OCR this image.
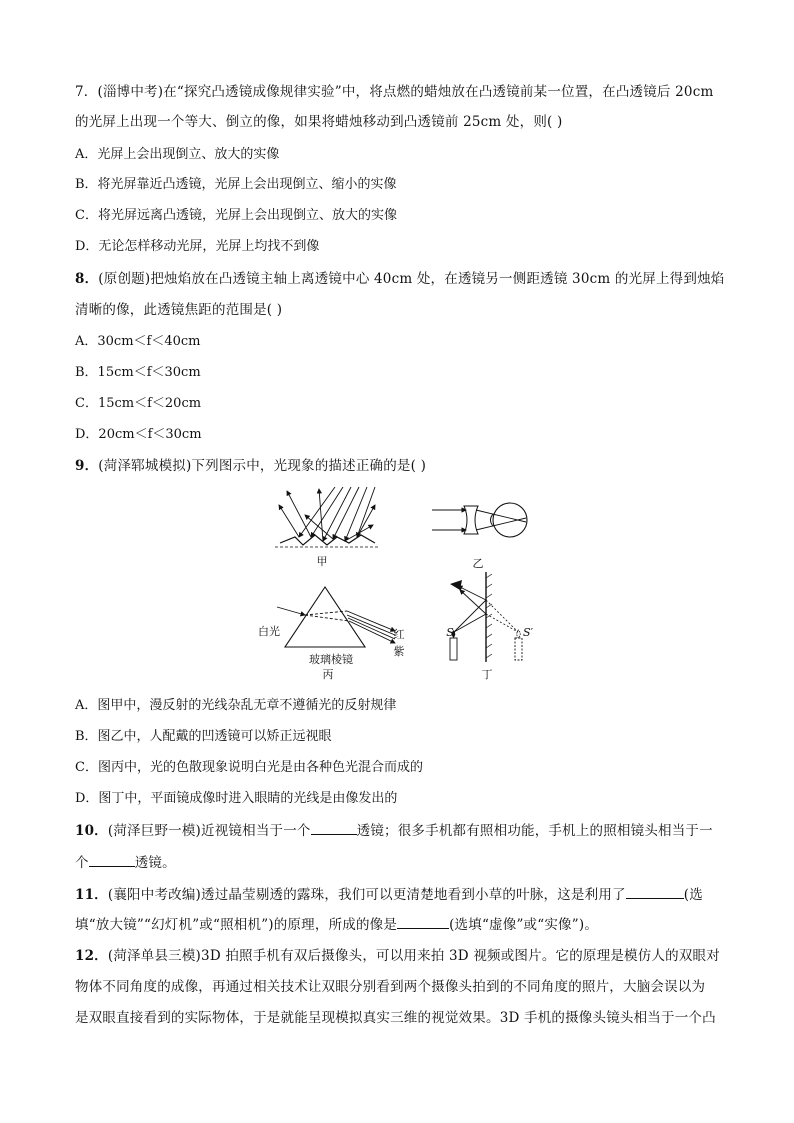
7．(淄博中考)在“探究凸透镜成像规律实验”中，将点燃的蜡烛放在凸透镜前某一位置，在凸透镜后 20cm
的光屏上出现一个等大、倒立的像，如果将蜡烛移动到凸透镜前 25cm 处，则( )
A．光屏上会出现倒立、放大的实像
B．将光屏靠近凸透镜，光屏上会出现倒立、缩小的实像
C．将光屏远离凸透镜，光屏上会出现倒立、放大的实像
D．无论怎样移动光屏，光屏上均找不到像
8．(原创题)把烛焰放在凸透镜主轴上离透镜中心 40cm 处，在透镜另一侧距透镜 30cm 的光屏上得到烛焰
清晰的像，此透镜焦距的范围是( )
A．30cm＜f＜40cm
B．15cm＜f＜30cm
C．15cm＜f＜20cm
D．20cm＜f＜30cm
9．(菏泽郓城模拟)下列图示中，光现象的描述正确的是( )
甲	乙
白光	红
紫
玻璃棱镜
丙
S	S′
丁
A．图甲中，漫反射的光线杂乱无章不遵循光的反射规律
B．图乙中，人配戴的凹透镜可以矫正远视眼
C．图丙中，光的色散现象说明白光是由各种色光混合而成的
D．图丁中，平面镜成像时进入眼睛的光线是由像发出的
10．(菏泽巨野一模)近视镜相当于一个	透镜；很多手机都有照相功能，手机上的照相镜头相当于一
个	透镜。
11．(襄阳中考改编)透过晶莹剔透的露珠，我们可以更清楚地看到小草的叶脉，这是利用了	(选
填“放大镜”“幻灯机”或“照相机”)的原理，所成的像是	(选填“虚像”或“实像”)。
12．(菏泽单县三模)3D 拍照手机有双后摄像头，可以用来拍 3D 视频或图片。它的原理是模仿人的双眼对
物体不同角度的成像，再通过相关技术让双眼分别看到两个摄像头拍到的不同角度的照片，大脑会误以为
是双眼直接看到的实际物体，于是就能呈现模拟真实三维的视觉效果。3D 手机的摄像头镜头相当于一个凸
